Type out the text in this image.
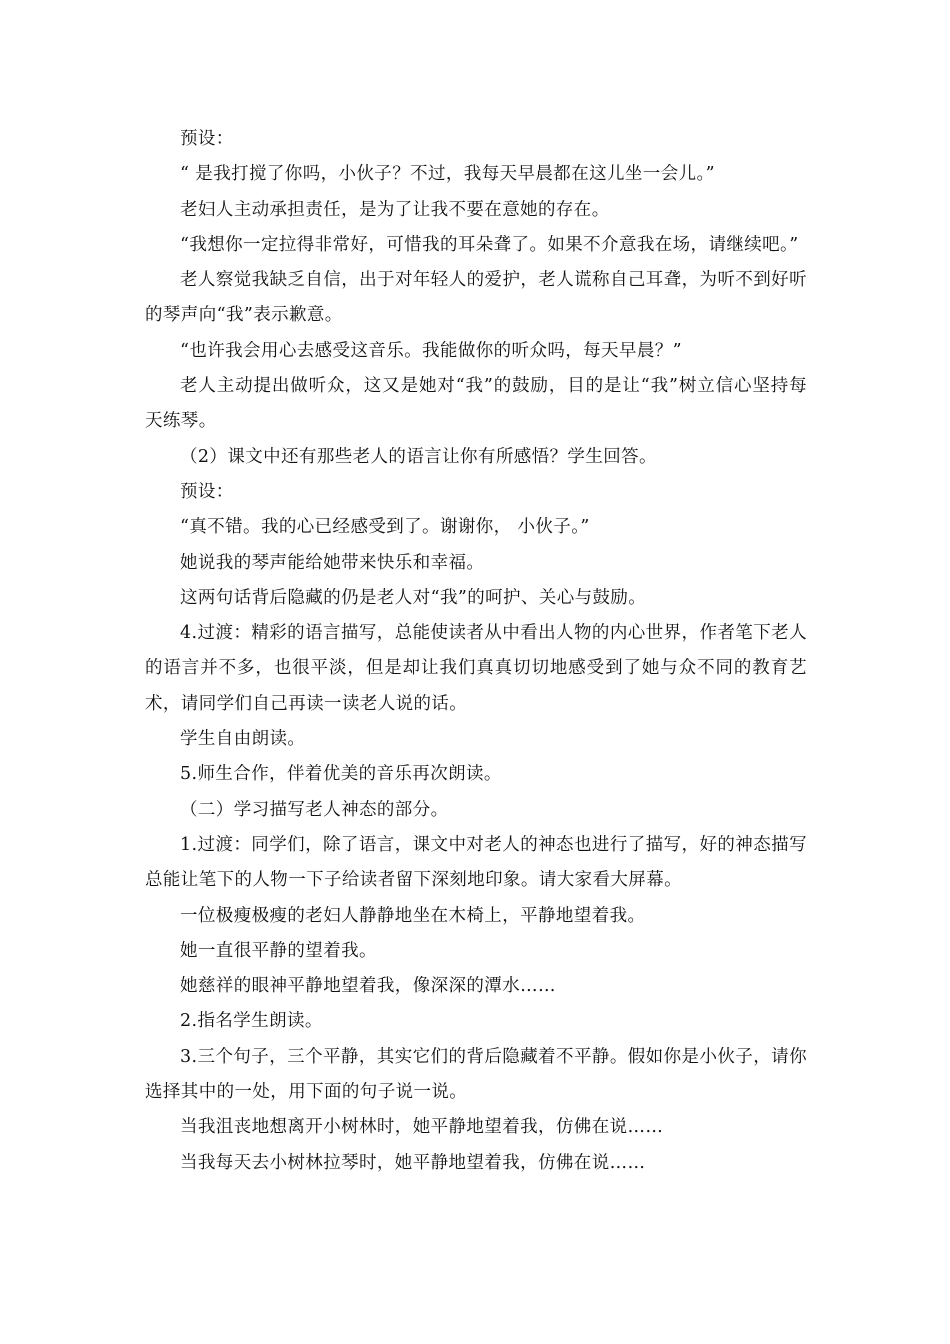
预设：

“ 是我打搅了你吗，小伙子？不过，我每天早晨都在这儿坐一会儿。”

老妇人主动承担责任，是为了让我不要在意她的存在。

“我想你一定拉得非常好，可惜我的耳朵聋了。如果不介意我在场，请继续吧。”

老人察觉我缺乏自信，出于对年轻人的爱护，老人谎称自己耳聋，为听不到好听的琴声向“我”表示歉意。

“也许我会用心去感受这音乐。我能做你的听众吗，每天早晨？”

老人主动提出做听众，这又是她对“我”的鼓励，目的是让“我”树立信心坚持每天练琴。

（2）课文中还有那些老人的语言让你有所感悟？学生回答。

预设：

“真不错。我的心已经感受到了。谢谢你， 小伙子。”

她说我的琴声能给她带来快乐和幸福。

这两句话背后隐藏的仍是老人对“我”的呵护、关心与鼓励。

4.过渡：精彩的语言描写，总能使读者从中看出人物的内心世界，作者笔下老人的语言并不多，也很平淡，但是却让我们真真切切地感受到了她与众不同的教育艺术，请同学们自己再读一读老人说的话。

学生自由朗读。

5.师生合作，伴着优美的音乐再次朗读。

（二）学习描写老人神态的部分。

1.过渡：同学们，除了语言，课文中对老人的神态也进行了描写，好的神态描写总能让笔下的人物一下子给读者留下深刻地印象。请大家看大屏幕。

一位极瘦极瘦的老妇人静静地坐在木椅上，平静地望着我。

她一直很平静的望着我。

她慈祥的眼神平静地望着我，像深深的潭水……

2.指名学生朗读。

3.三个句子，三个平静，其实它们的背后隐藏着不平静。假如你是小伙子，请你选择其中的一处，用下面的句子说一说。

当我沮丧地想离开小树林时，她平静地望着我，仿佛在说……

当我每天去小树林拉琴时，她平静地望着我，仿佛在说……
